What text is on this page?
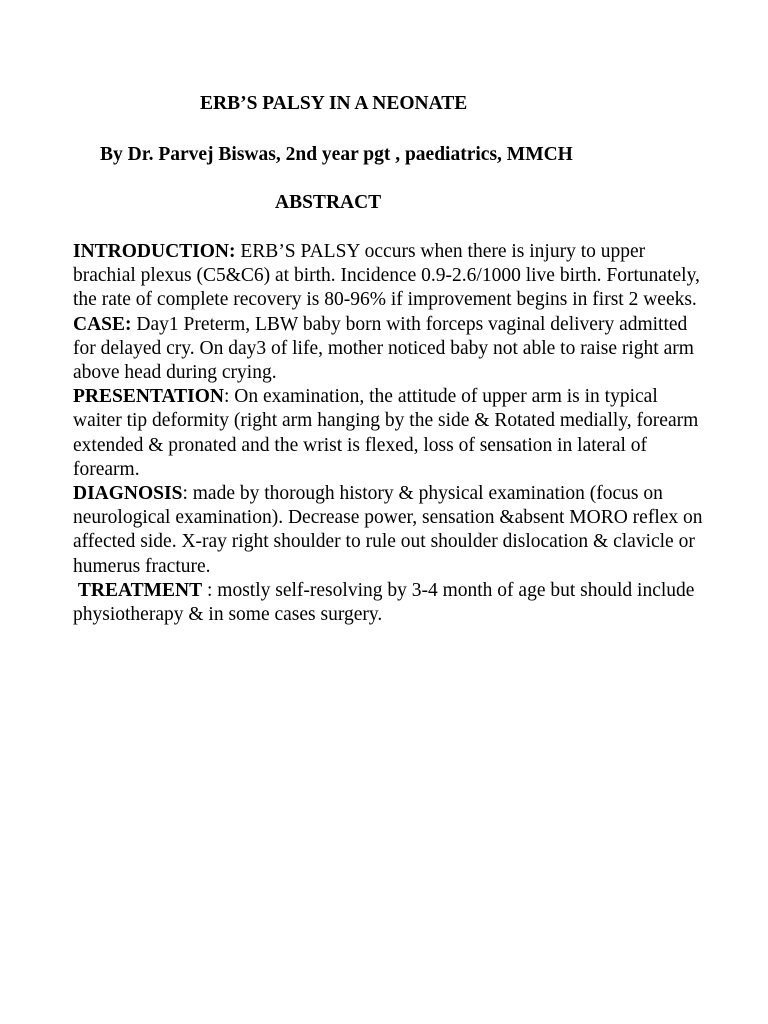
ERB’S PALSY IN A NEONATE
By Dr. Parvej Biswas, 2nd year pgt , paediatrics, MMCH
ABSTRACT

INTRODUCTION: ERB’S PALSY occurs when there is injury to upper brachial plexus (C5&C6) at birth. Incidence 0.9-2.6/1000 live birth. Fortunately, the rate of complete recovery is 80-96% if improvement begins in first 2 weeks.

CASE: Day1 Preterm, LBW baby born with forceps vaginal delivery admitted for delayed cry. On day3 of life, mother noticed baby not able to raise right arm above head during crying.

PRESENTATION: On examination, the attitude of upper arm is in typical waiter tip deformity (right arm hanging by the side & Rotated medially, forearm extended & pronated and the wrist is flexed, loss of sensation in lateral of forearm.

DIAGNOSIS: made by thorough history & physical examination (focus on neurological examination). Decrease power, sensation &absent MORO reflex on affected side. X-ray right shoulder to rule out shoulder dislocation & clavicle or humerus fracture.

TREATMENT : mostly self-resolving by 3-4 month of age but should include physiotherapy & in some cases surgery.
